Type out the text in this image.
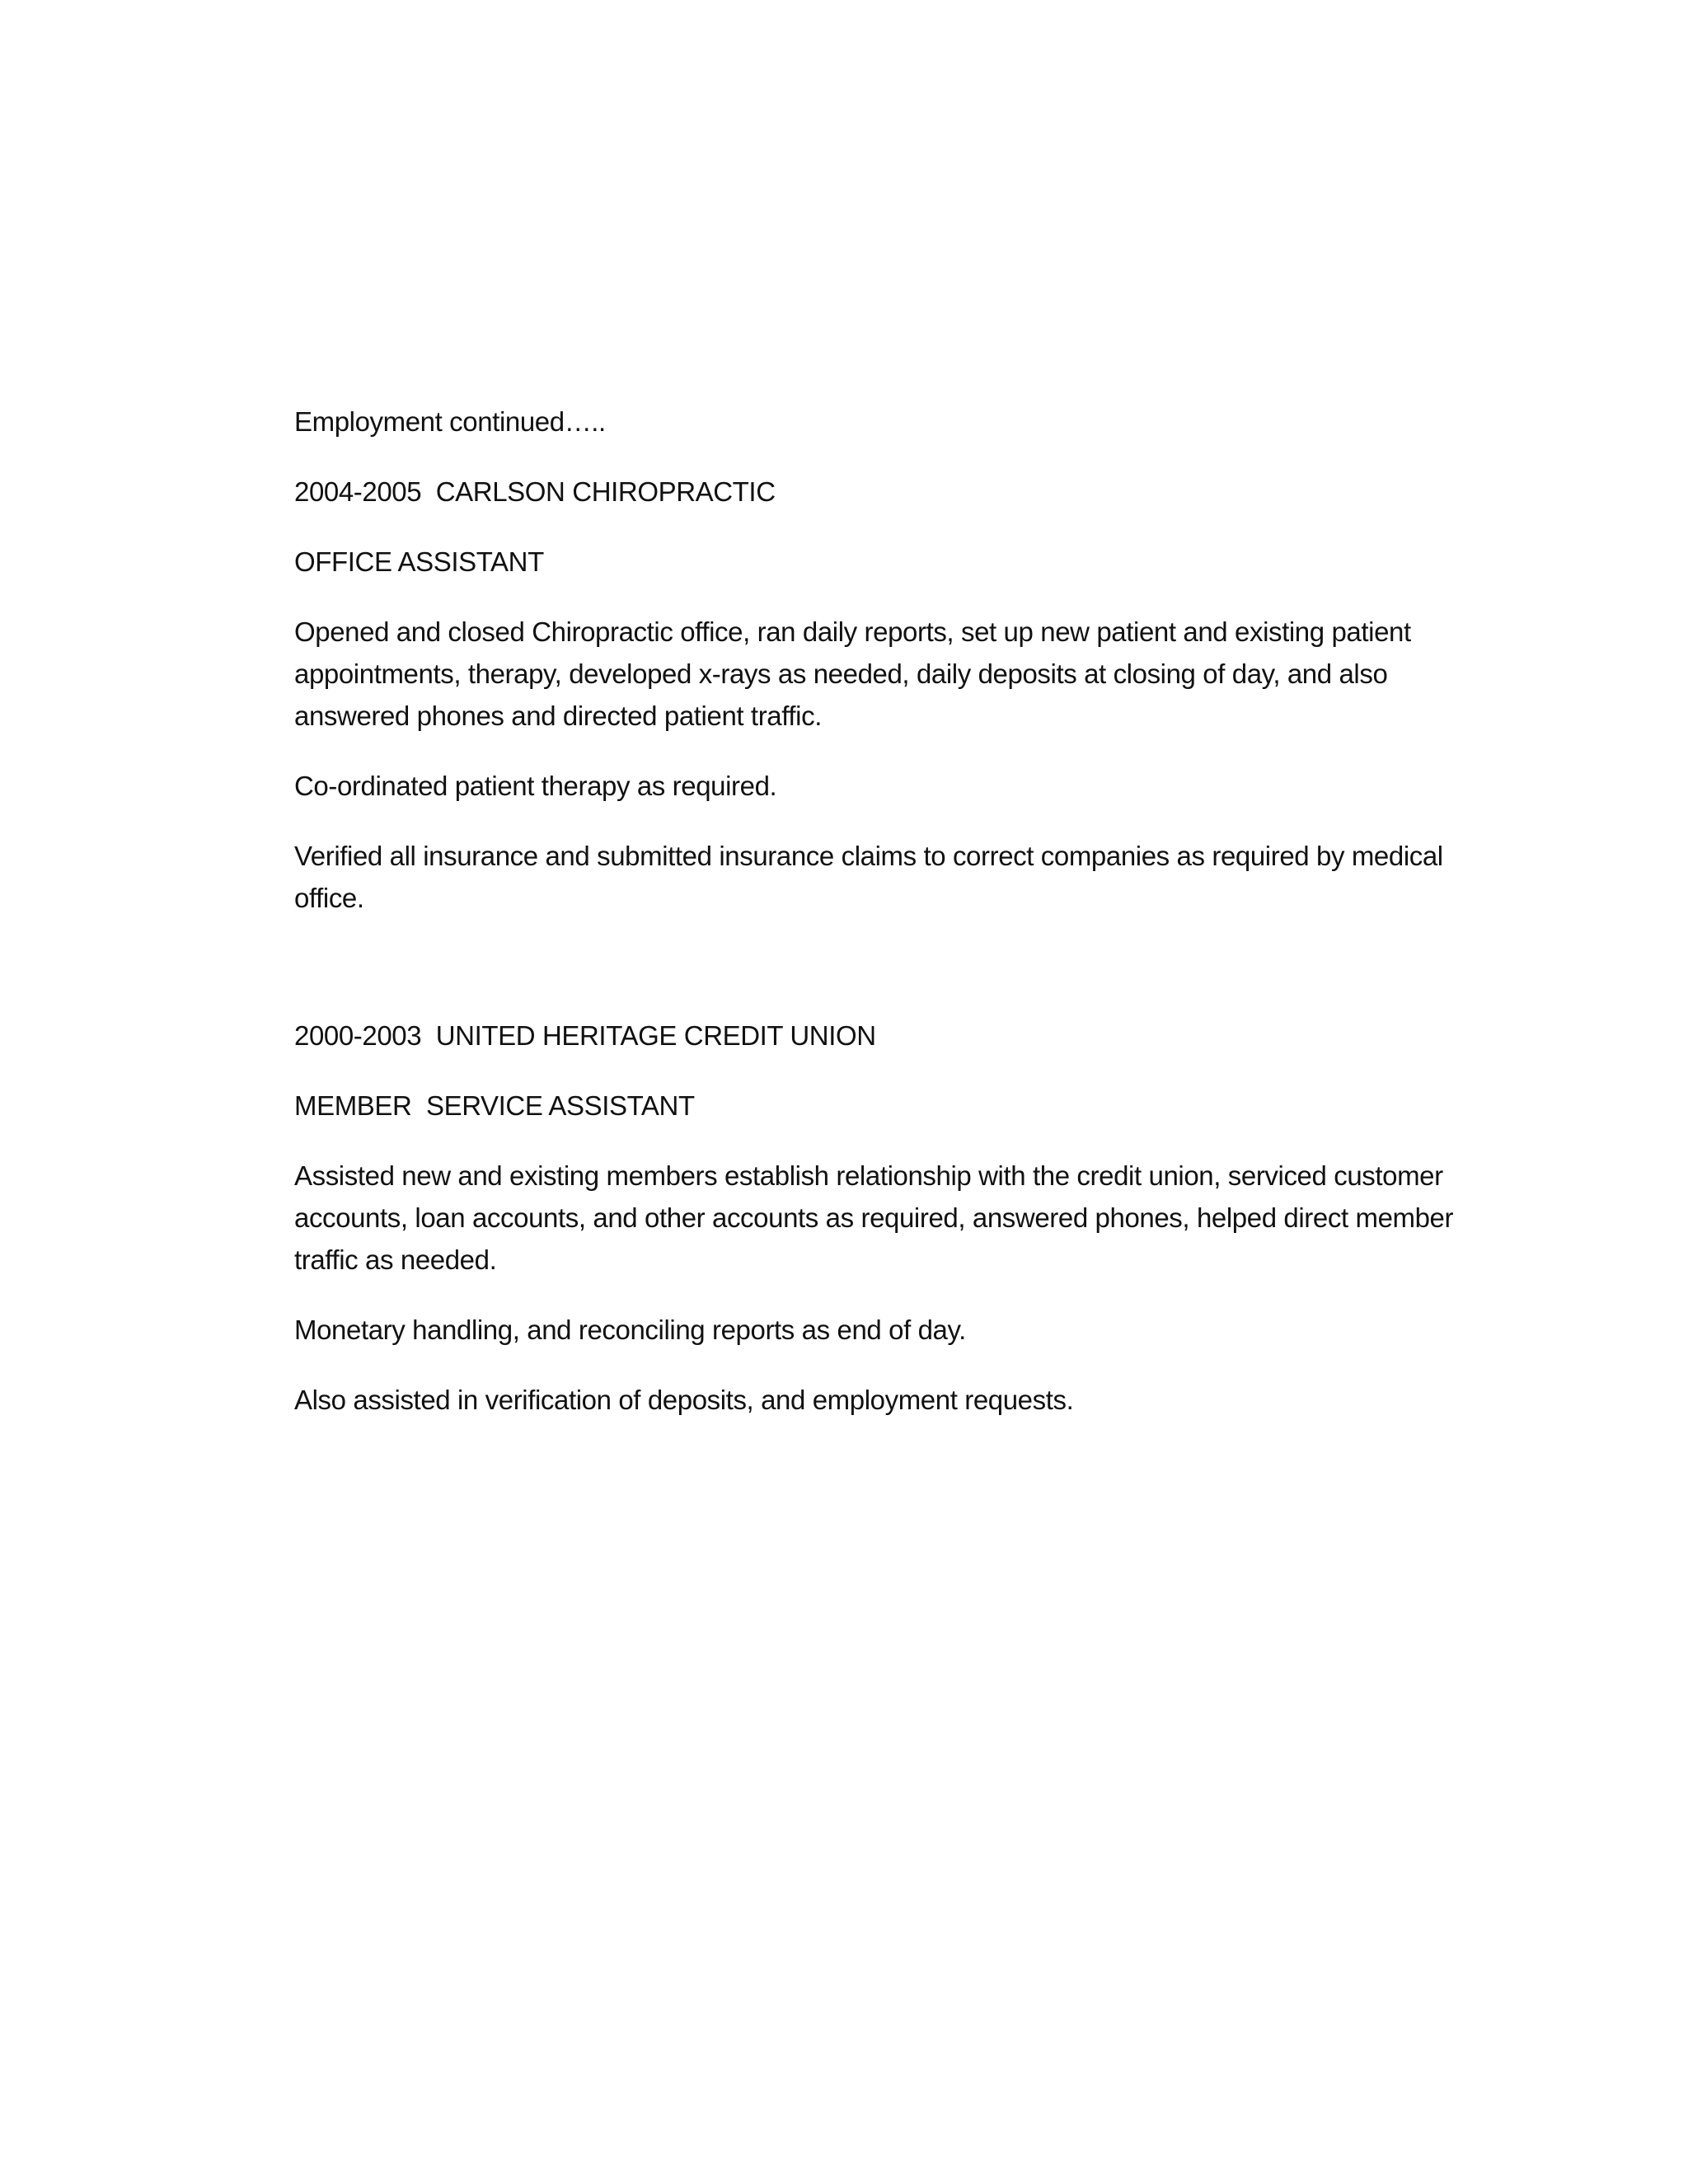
Employment continued…..

2004-2005  CARLSON CHIROPRACTIC

OFFICE ASSISTANT

Opened and closed Chiropractic office, ran daily reports, set up new patient and existing patient appointments, therapy, developed x-rays as needed, daily deposits at closing of day, and also answered phones and directed patient traffic.

Co-ordinated patient therapy as required.

Verified all insurance and submitted insurance claims to correct companies as required by medical office.

2000-2003  UNITED HERITAGE CREDIT UNION

MEMBER  SERVICE ASSISTANT

Assisted new and existing members establish relationship with the credit union, serviced customer accounts, loan accounts, and other accounts as required, answered phones, helped direct member traffic as needed.

Monetary handling, and reconciling reports as end of day.

Also assisted in verification of deposits, and employment requests.
